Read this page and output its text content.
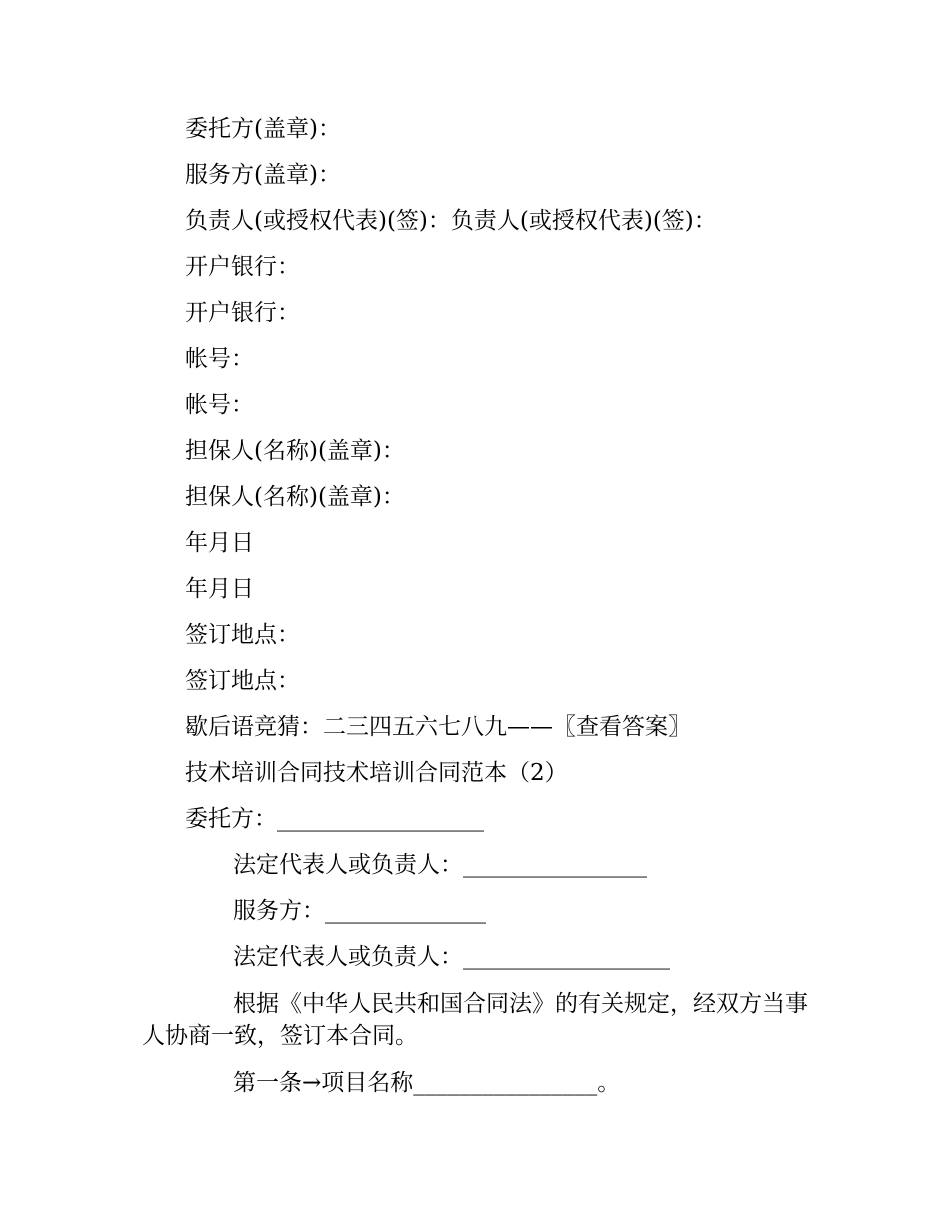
委托方(盖章)：
服务方(盖章)：
负责人(或授权代表)(签)：负责人(或授权代表)(签)：
开户银行：
开户银行：
帐号：
帐号：
担保人(名称)(盖章)：
担保人(名称)(盖章)：
年月日
年月日
签订地点：
签订地点：
歇后语竞猜：二三四五六七八九——〖查看答案〗
技术培训合同技术培训合同范本（2）
委托方：__________________
法定代表人或负责人：________________
服务方：______________
法定代表人或负责人：__________________
根据《中华人民共和国合同法》的有关规定，经双方当事人协商一致，签订本合同。
第一条→项目名称________________。
